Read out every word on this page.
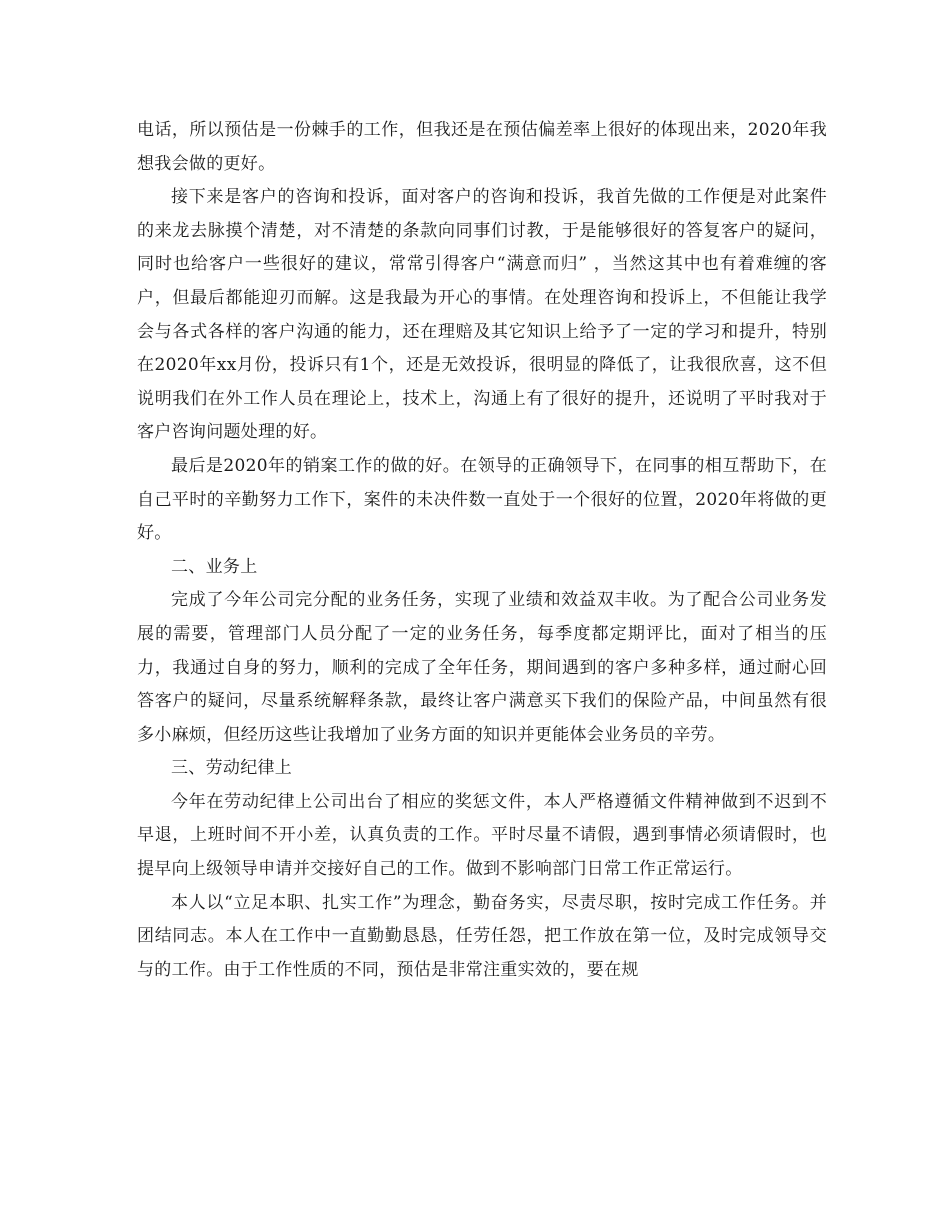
电话，所以预估是一份棘手的工作，但我还是在预估偏差率上很好的体现出来，2020年我想我会做的更好。

接下来是客户的咨询和投诉，面对客户的咨询和投诉，我首先做的工作便是对此案件的来龙去脉摸个清楚，对不清楚的条款向同事们讨教，于是能够很好的答复客户的疑问，同时也给客户一些很好的建议，常常引得客户“满意而归” ，当然这其中也有着难缠的客户，但最后都能迎刃而解。这是我最为开心的事情。在处理咨询和投诉上，不但能让我学会与各式各样的客户沟通的能力，还在理赔及其它知识上给予了一定的学习和提升，特别在2020年xx月份，投诉只有1个，还是无效投诉，很明显的降低了，让我很欣喜，这不但说明我们在外工作人员在理论上，技术上，沟通上有了很好的提升，还说明了平时我对于客户咨询问题处理的好。

最后是2020年的销案工作的做的好。在领导的正确领导下，在同事的相互帮助下，在自己平时的辛勤努力工作下，案件的未决件数一直处于一个很好的位置，2020年将做的更好。

二、业务上

完成了今年公司完分配的业务任务，实现了业绩和效益双丰收。为了配合公司业务发展的需要，管理部门人员分配了一定的业务任务，每季度都定期评比，面对了相当的压力，我通过自身的努力，顺利的完成了全年任务，期间遇到的客户多种多样，通过耐心回答客户的疑问，尽量系统解释条款，最终让客户满意买下我们的保险产品，中间虽然有很多小麻烦，但经历这些让我增加了业务方面的知识并更能体会业务员的辛劳。

三、劳动纪律上

今年在劳动纪律上公司出台了相应的奖惩文件，本人严格遵循文件精神做到不迟到不早退，上班时间不开小差，认真负责的工作。平时尽量不请假，遇到事情必须请假时，也提早向上级领导申请并交接好自己的工作。做到不影响部门日常工作正常运行。

本人以“立足本职、扎实工作”为理念，勤奋务实，尽责尽职，按时完成工作任务。并团结同志。本人在工作中一直勤勤恳恳，任劳任怨，把工作放在第一位，及时完成领导交与的工作。由于工作性质的不同，预估是非常注重实效的，要在规
